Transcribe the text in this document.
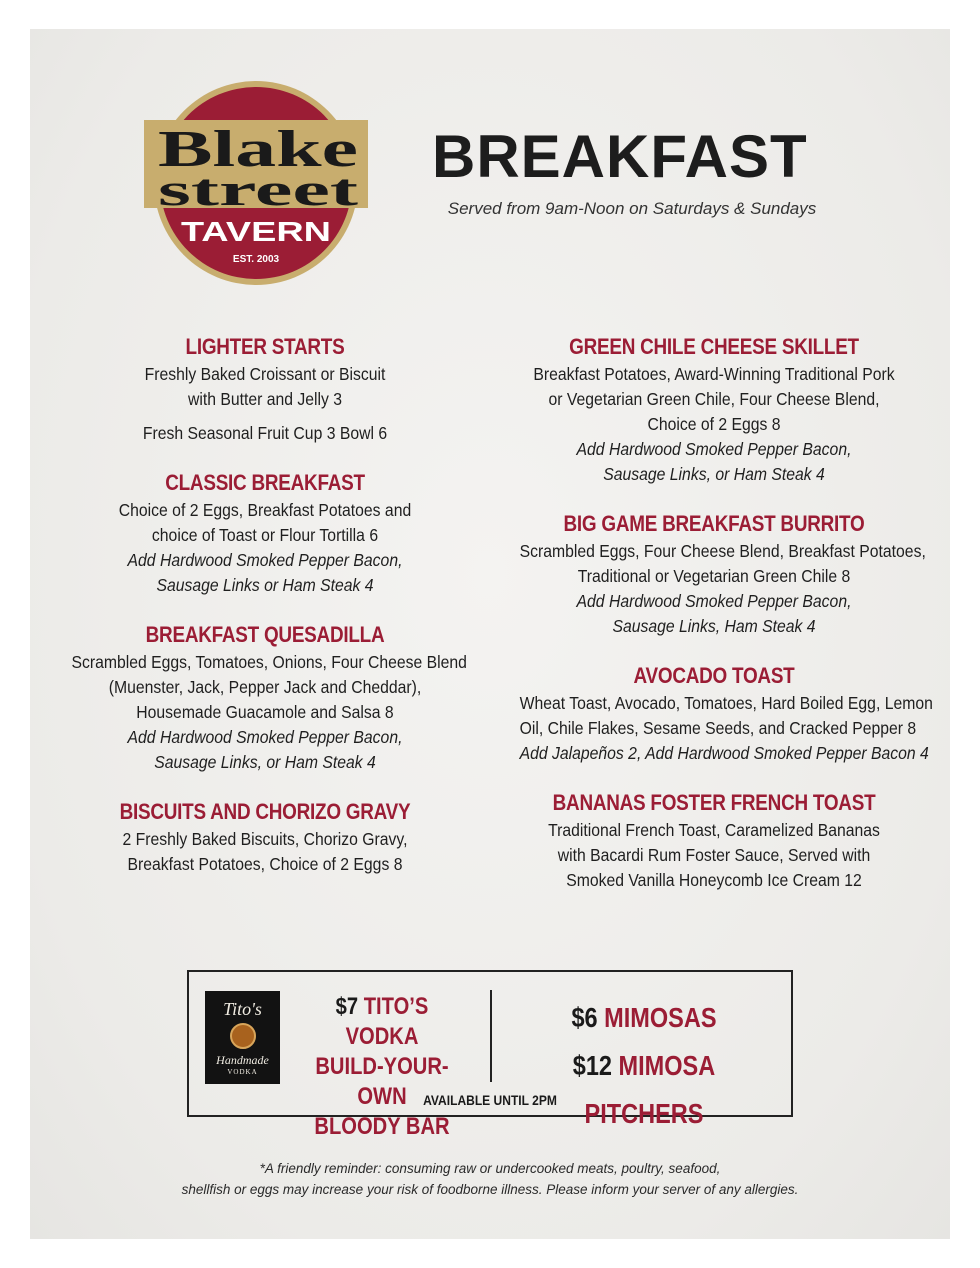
Blake
street
TAVERN
EST. 2003
BREAKFAST
Served from 9am-Noon on Saturdays & Sundays
LIGHTER STARTS
Freshly Baked Croissant or Biscuit
with Butter and Jelly 3
Fresh Seasonal Fruit Cup 3 Bowl 6
CLASSIC BREAKFAST
Choice of 2 Eggs, Breakfast Potatoes and
choice of Toast or Flour Tortilla 6
Add Hardwood Smoked Pepper Bacon,
Sausage Links or Ham Steak 4
BREAKFAST QUESADILLA
Scrambled Eggs, Tomatoes, Onions, Four Cheese Blend
(Muenster, Jack, Pepper Jack and Cheddar),
Housemade Guacamole and Salsa 8
Add Hardwood Smoked Pepper Bacon,
Sausage Links, or Ham Steak 4
BISCUITS AND CHORIZO GRAVY
2 Freshly Baked Biscuits, Chorizo Gravy,
Breakfast Potatoes, Choice of 2 Eggs 8
GREEN CHILE CHEESE SKILLET
Breakfast Potatoes, Award-Winning Traditional Pork
or Vegetarian Green Chile, Four Cheese Blend,
Choice of 2 Eggs 8
Add Hardwood Smoked Pepper Bacon,
Sausage Links, or Ham Steak 4
BIG GAME BREAKFAST BURRITO
Scrambled Eggs, Four Cheese Blend, Breakfast Potatoes,
Traditional or Vegetarian Green Chile 8
Add Hardwood Smoked Pepper Bacon,
Sausage Links, Ham Steak 4
AVOCADO TOAST
Wheat Toast, Avocado, Tomatoes, Hard Boiled Egg, Lemon
Oil, Chile Flakes, Sesame Seeds, and Cracked Pepper 8
Add Jalapeños 2, Add Hardwood Smoked Pepper Bacon 4
BANANAS FOSTER FRENCH TOAST
Traditional French Toast, Caramelized Bananas
with Bacardi Rum Foster Sauce, Served with
Smoked Vanilla Honeycomb Ice Cream 12
Tito's
Handmade
VODKA
$7 TITO’S VODKA
BUILD-YOUR-OWN
BLOODY BAR
$6 MIMOSAS
$12 MIMOSA PITCHERS
AVAILABLE UNTIL 2PM
*A friendly reminder: consuming raw or undercooked meats, poultry, seafood,
shellfish or eggs may increase your risk of foodborne illness. Please inform your server of any allergies.
